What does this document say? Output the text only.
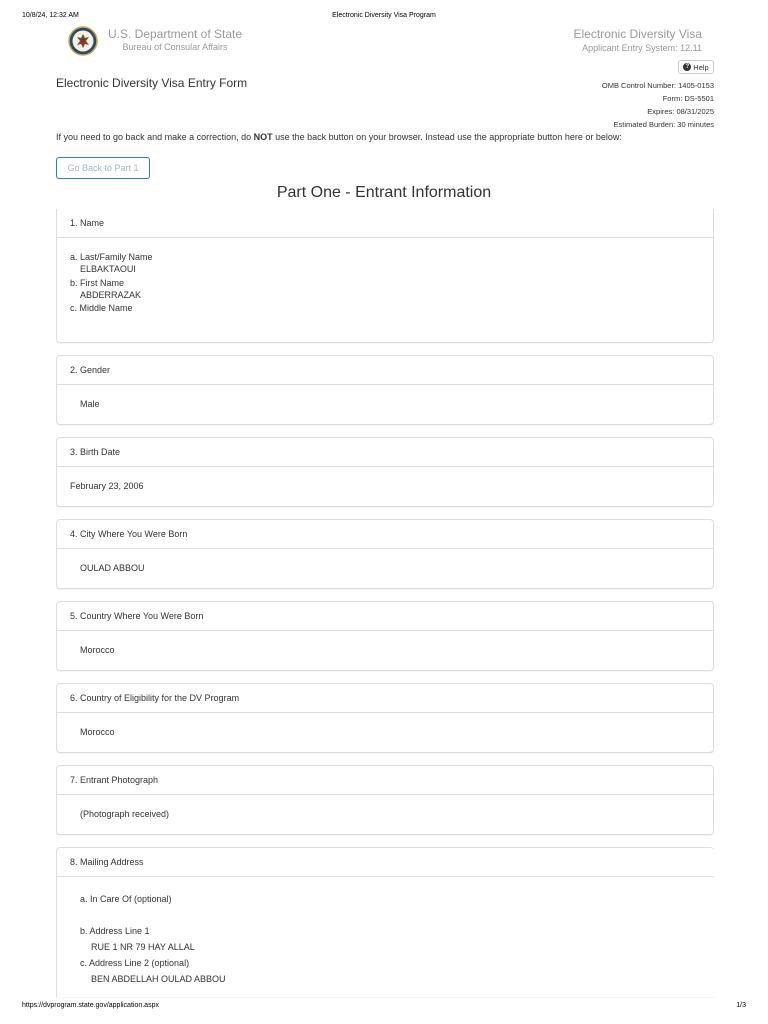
10/8/24, 12:32 AM	Electronic Diversity Visa Program
U.S. Department of State
Bureau of Consular Affairs
Electronic Diversity Visa
Applicant Entry System: 12.11
? Help
Electronic Diversity Visa Entry Form	OMB Control Number: 1405-0153
Form: DS-5501
Expires: 08/31/2025
Estimated Burden: 30 minutes
If you need to go back and make a correction, do NOT use the back button on your browser. Instead use the appropriate button here or below:
Go Back to Part 1
Part One - Entrant Information
1. Name
a. Last/Family Name
ELBAKTAOUI
b. First Name
ABDERRAZAK
c. Middle Name
2. Gender
Male
3. Birth Date
February 23, 2006
4. City Where You Were Born
OULAD ABBOU
5. Country Where You Were Born
Morocco
6. Country of Eligibility for the DV Program
Morocco
7. Entrant Photograph
(Photograph received)
8. Mailing Address
a. In Care Of (optional)
b. Address Line 1
RUE 1 NR 79 HAY ALLAL
c. Address Line 2 (optional)
BEN ABDELLAH OULAD ABBOU
https://dvprogram.state.gov/application.aspx	1/3
